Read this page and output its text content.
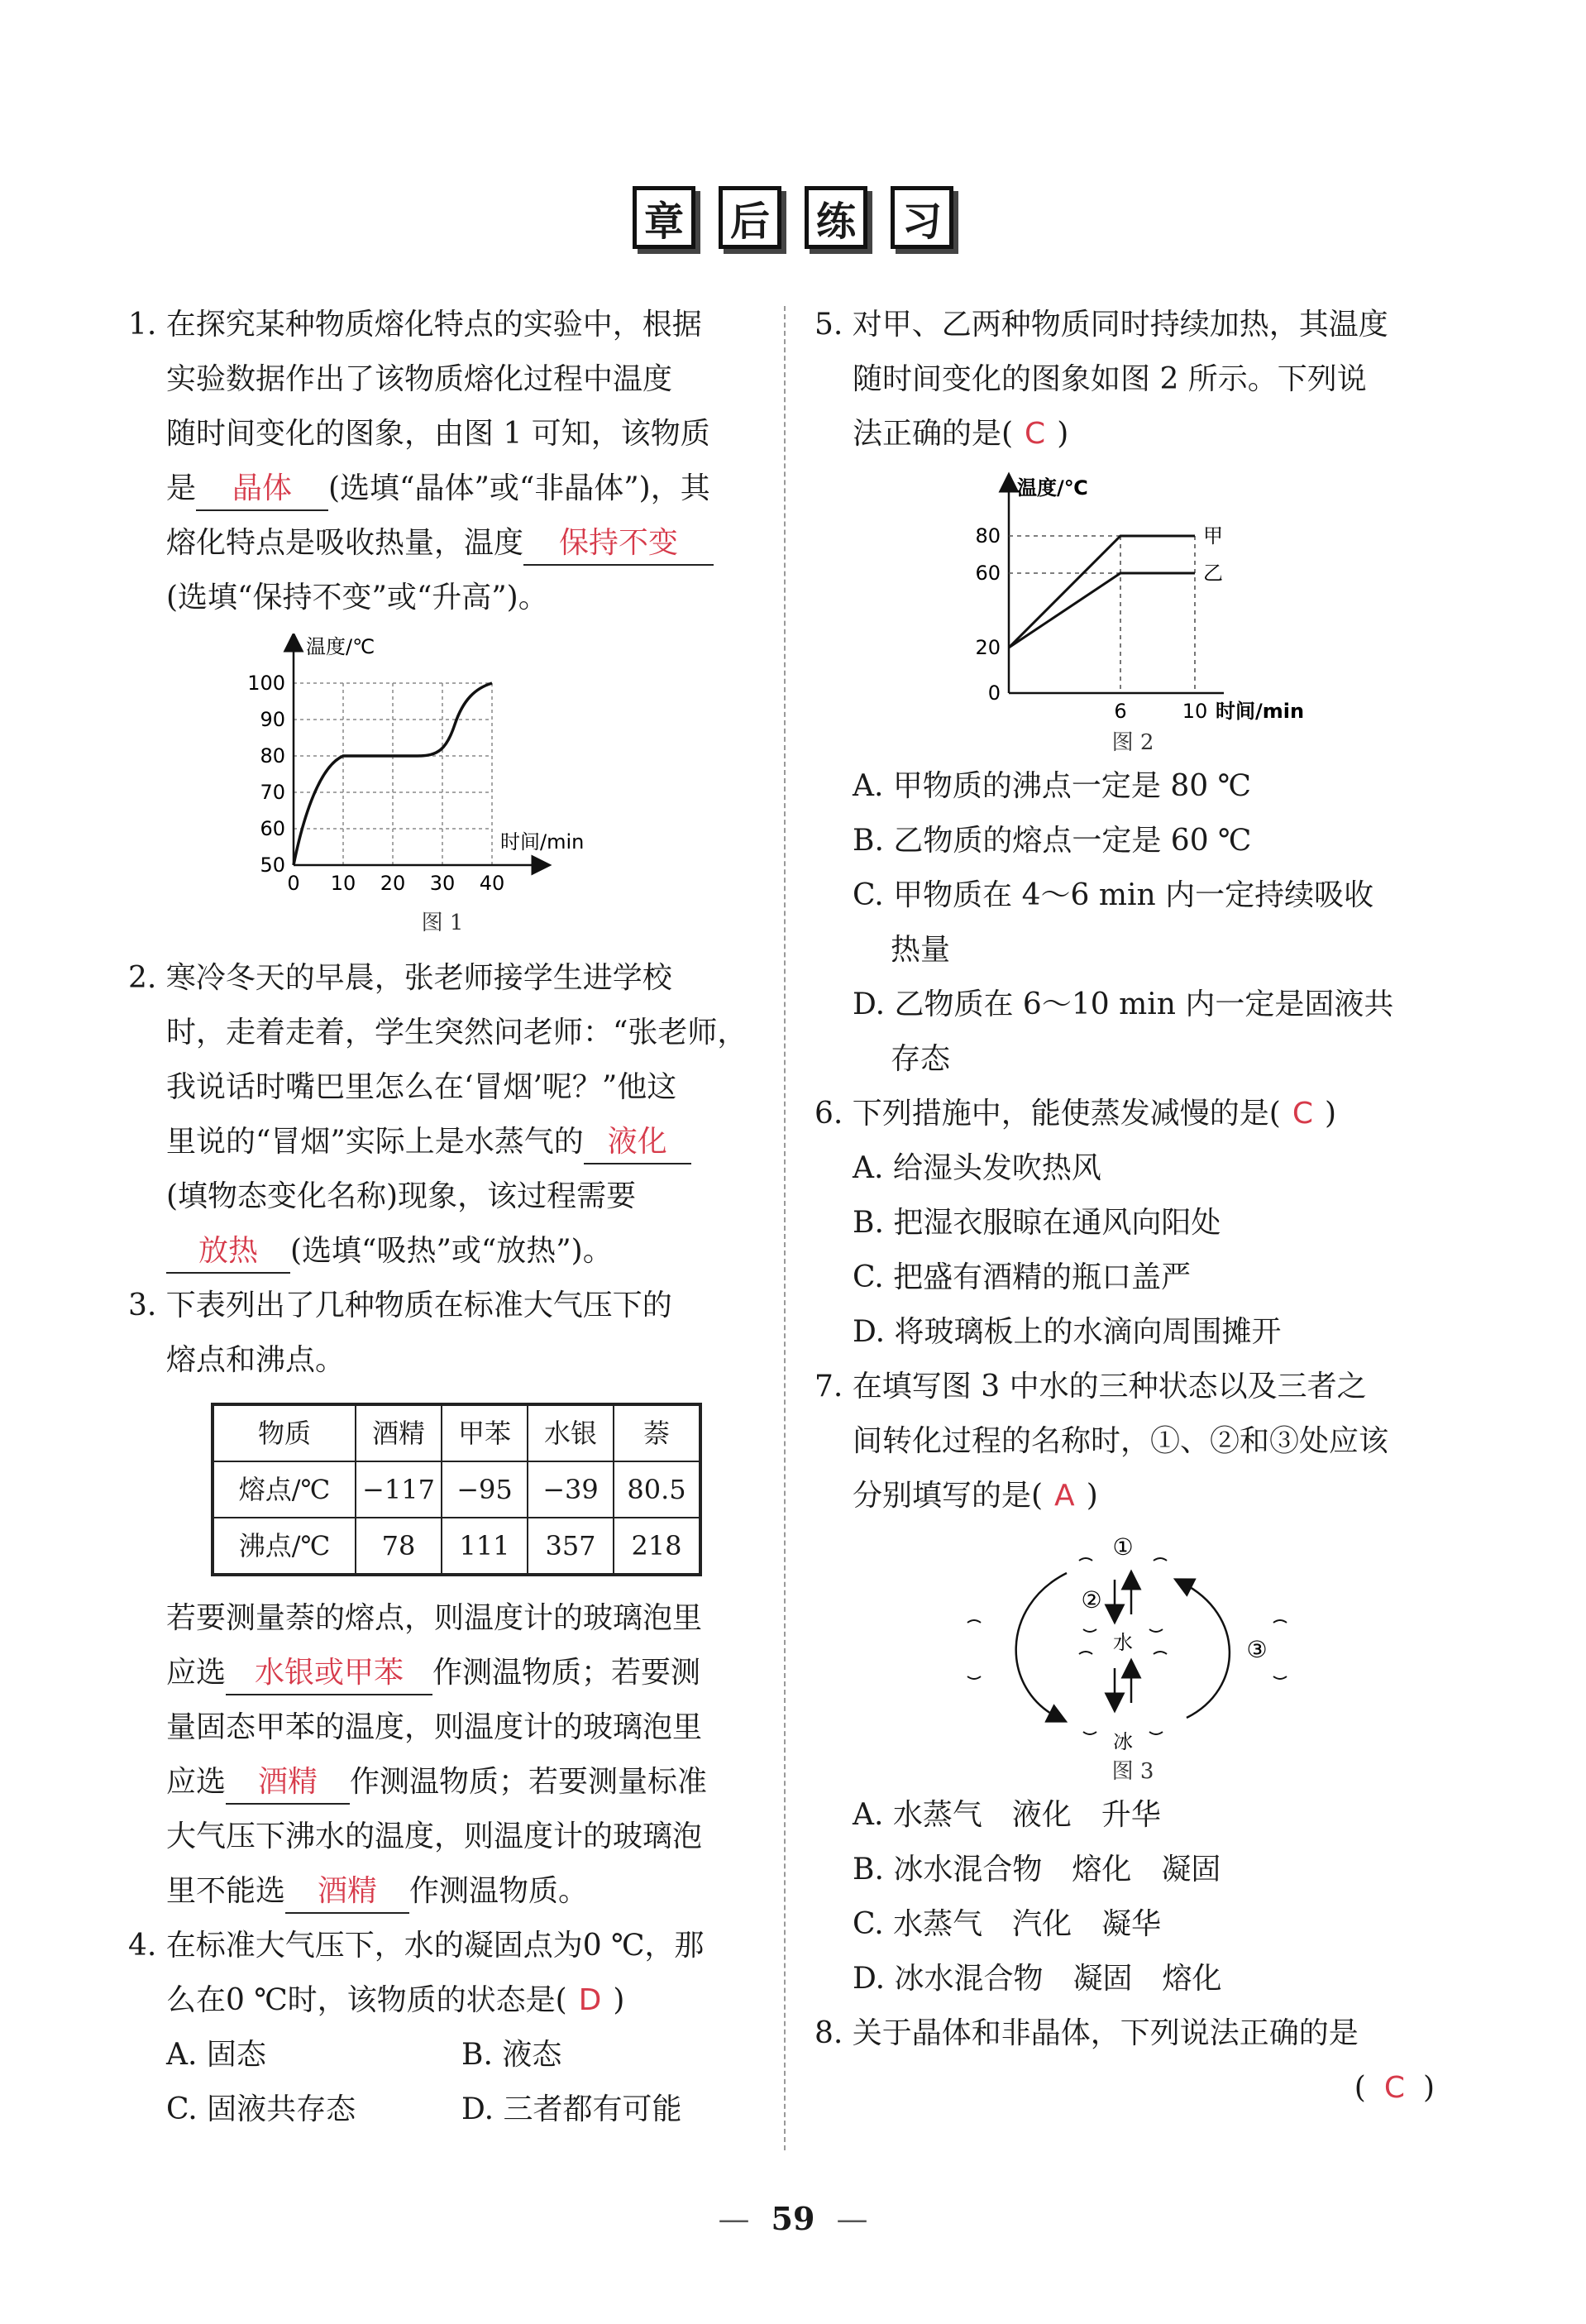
章 后 练 习
1. 在探究某种物质熔化特点的实验中，根据
实验数据作出了该物质熔化过程中温度
随时间变化的图象，由图 1 可知，该物质
是 晶体 (选填“晶体”或“非晶体”)，其
熔化特点是吸收热量，温度 保持不变
(选填“保持不变”或“升高”)。
温度/℃
时间/min
100
90
80
70
60
50
0 10 20 30 40
图 1
2. 寒冷冬天的早晨，张老师接学生进学校
时，走着走着，学生突然问老师：“张老师，
我说话时嘴巴里怎么在‘冒烟’呢？”他这
里说的“冒烟”实际上是水蒸气的 液化
(填物态变化名称)现象，该过程需要
放热 (选填“吸热”或“放热”)。
3. 下表列出了几种物质在标准大气压下的
熔点和沸点。
物质	酒精	甲苯	水银	萘
熔点/℃	−117	−95	−39	80.5
沸点/℃	78	111	357	218
若要测量萘的熔点，则温度计的玻璃泡里
应选 水银或甲苯 作测温物质；若要测
量固态甲苯的温度，则温度计的玻璃泡里
应选 酒精 作测温物质；若要测量标准
大气压下沸水的温度，则温度计的玻璃泡
里不能选 酒精 作测温物质。
4. 在标准大气压下，水的凝固点为0 ℃，那
么在0 ℃时，该物质的状态是( D )
A. 固态	B. 液态
C. 固液共存态	D. 三者都有可能
5. 对甲、乙两种物质同时持续加热，其温度
随时间变化的图象如图 2 所示。下列说
法正确的是( C )
温度/℃
甲
乙
80
60
20
0
6	10 时间/min
图 2
A. 甲物质的沸点一定是 80 ℃
B. 乙物质的熔点一定是 60 ℃
C. 甲物质在 4～6 min 内一定持续吸收
热量
D. 乙物质在 6～10 min 内一定是固液共
存态
6. 下列措施中，能使蒸发减慢的是( C )
A. 给湿头发吹热风
B. 把湿衣服晾在通风向阳处
C. 把盛有酒精的瓶口盖严
D. 将玻璃板上的水滴向周围摊开
7. 在填写图 3 中水的三种状态以及三者之
间转化过程的名称时，①、②和③处应该
分别填写的是( A )
①
②
③
水
冰
图 3
A. 水蒸气　液化　升华
B. 冰水混合物　熔化　凝固
C. 水蒸气　汽化　凝华
D. 冰水混合物　凝固　熔化
8. 关于晶体和非晶体，下列说法正确的是
( C )
— 59 —
